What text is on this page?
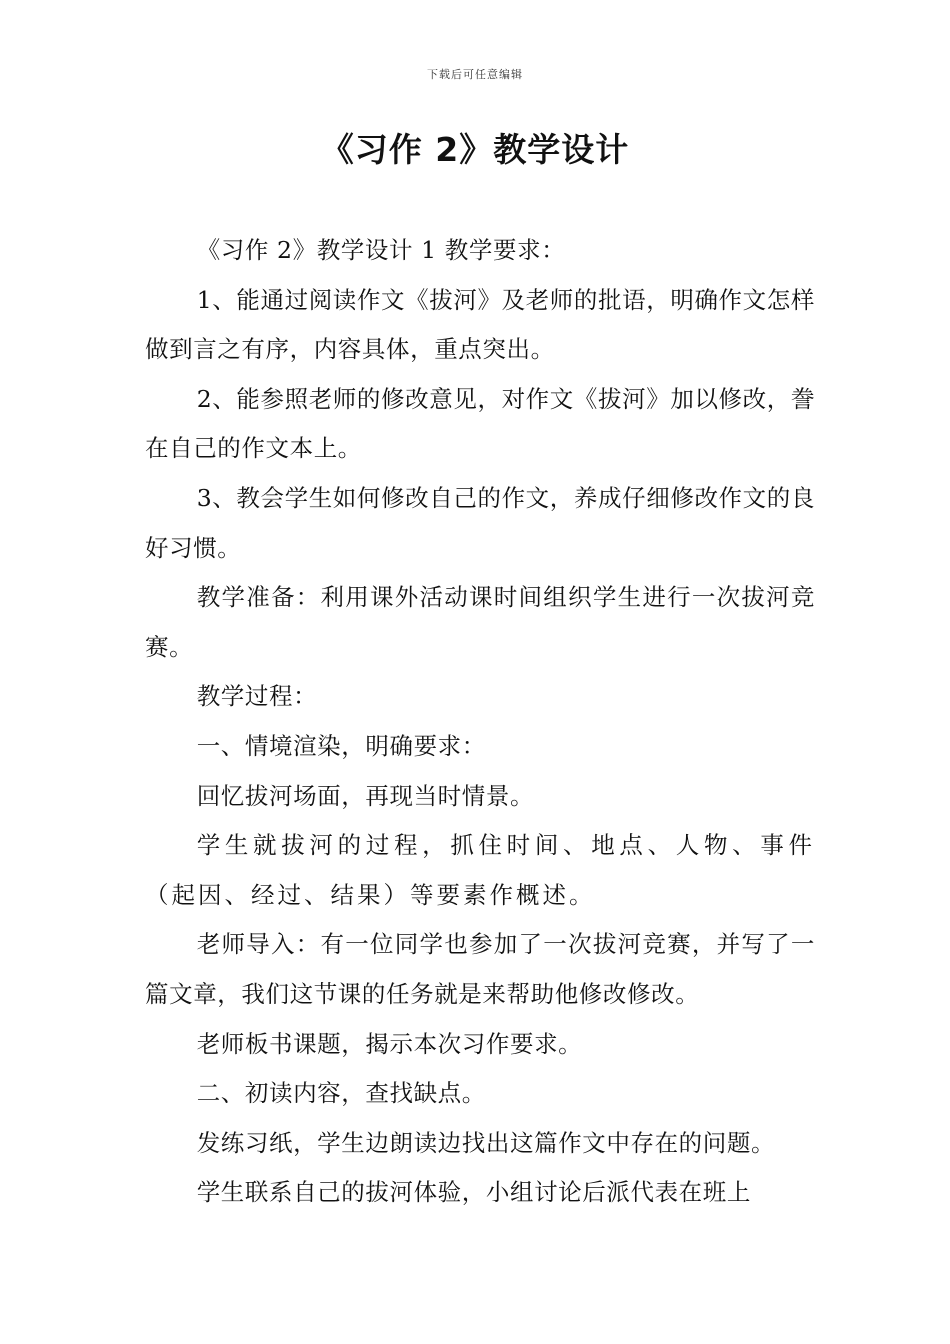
下载后可任意编辑
《习作 2》教学设计

《习作 2》教学设计 1 教学要求：

1、能通过阅读作文《拔河》及老师的批语，明确作文怎样做到言之有序，内容具体，重点突出。

2、能参照老师的修改意见，对作文《拔河》加以修改，誊在自己的作文本上。

3、教会学生如何修改自己的作文，养成仔细修改作文的良好习惯。

教学准备：利用课外活动课时间组织学生进行一次拔河竞赛。

教学过程：

一、情境渲染，明确要求：

回忆拔河场面，再现当时情景。

学生就拔河的过程，抓住时间、地点、人物、事件（起因、经过、结果）等要素作概述。

老师导入：有一位同学也参加了一次拔河竞赛，并写了一篇文章，我们这节课的任务就是来帮助他修改修改。

老师板书课题，揭示本次习作要求。

二、初读内容，查找缺点。

发练习纸，学生边朗读边找出这篇作文中存在的问题。

学生联系自己的拔河体验，小组讨论后派代表在班上
